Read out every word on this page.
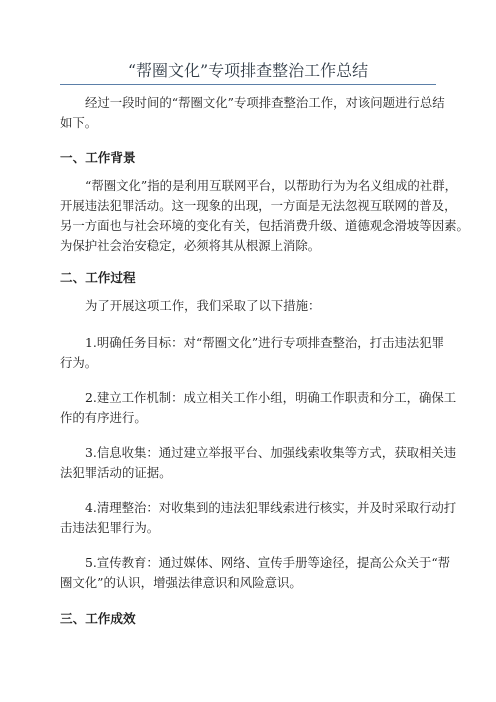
“帮圈文化”专项排查整治工作总结

经过一段时间的“帮圈文化”专项排查整治工作，对该问题进行总结
如下。

一、工作背景

“帮圈文化”指的是利用互联网平台，以帮助行为为名义组成的社群，
开展违法犯罪活动。这一现象的出现，一方面是无法忽视互联网的普及，
另一方面也与社会环境的变化有关，包括消费升级、道德观念滑坡等因素。
为保护社会治安稳定，必须将其从根源上消除。

二、工作过程

为了开展这项工作，我们采取了以下措施：

1.明确任务目标：对“帮圈文化”进行专项排查整治，打击违法犯罪
行为。

2.建立工作机制：成立相关工作小组，明确工作职责和分工，确保工
作的有序进行。

3.信息收集：通过建立举报平台、加强线索收集等方式，获取相关违
法犯罪活动的证据。

4.清理整治：对收集到的违法犯罪线索进行核实，并及时采取行动打
击违法犯罪行为。

5.宣传教育：通过媒体、网络、宣传手册等途径，提高公众关于“帮
圈文化”的认识，增强法律意识和风险意识。

三、工作成效
